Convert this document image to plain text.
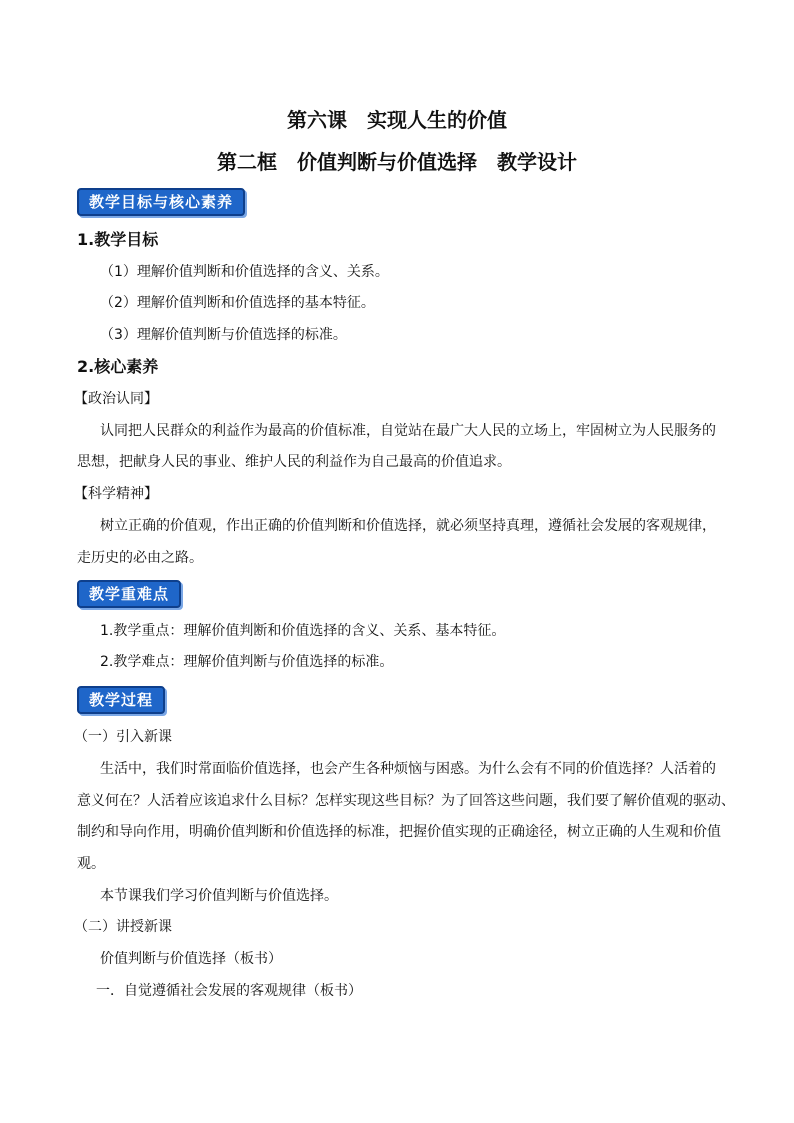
第六课　实现人生的价值
第二框　价值判断与价值选择　教学设计
教学目标与核心素养
1.教学目标
（1）理解价值判断和价值选择的含义、关系。
（2）理解价值判断和价值选择的基本特征。
（3）理解价值判断与价值选择的标准。
2.核心素养
【政治认同】
认同把人民群众的利益作为最高的价值标准，自觉站在最广大人民的立场上，牢固树立为人民服务的
思想，把献身人民的事业、维护人民的利益作为自己最高的价值追求。
【科学精神】
树立正确的价值观，作出正确的价值判断和价值选择，就必须坚持真理，遵循社会发展的客观规律，
走历史的必由之路。
教学重难点
1.教学重点：理解价值判断和价值选择的含义、关系、基本特征。
2.教学难点：理解价值判断与价值选择的标准。
教学过程
（一）引入新课
生活中，我们时常面临价值选择，也会产生各种烦恼与困惑。为什么会有不同的价值选择？人活着的
意义何在？人活着应该追求什么目标？怎样实现这些目标？为了回答这些问题，我们要了解价值观的驱动、
制约和导向作用，明确价值判断和价值选择的标准，把握价值实现的正确途径，树立正确的人生观和价值
观。
本节课我们学习价值判断与价值选择。
（二）讲授新课
价值判断与价值选择（板书）
一．自觉遵循社会发展的客观规律（板书）
